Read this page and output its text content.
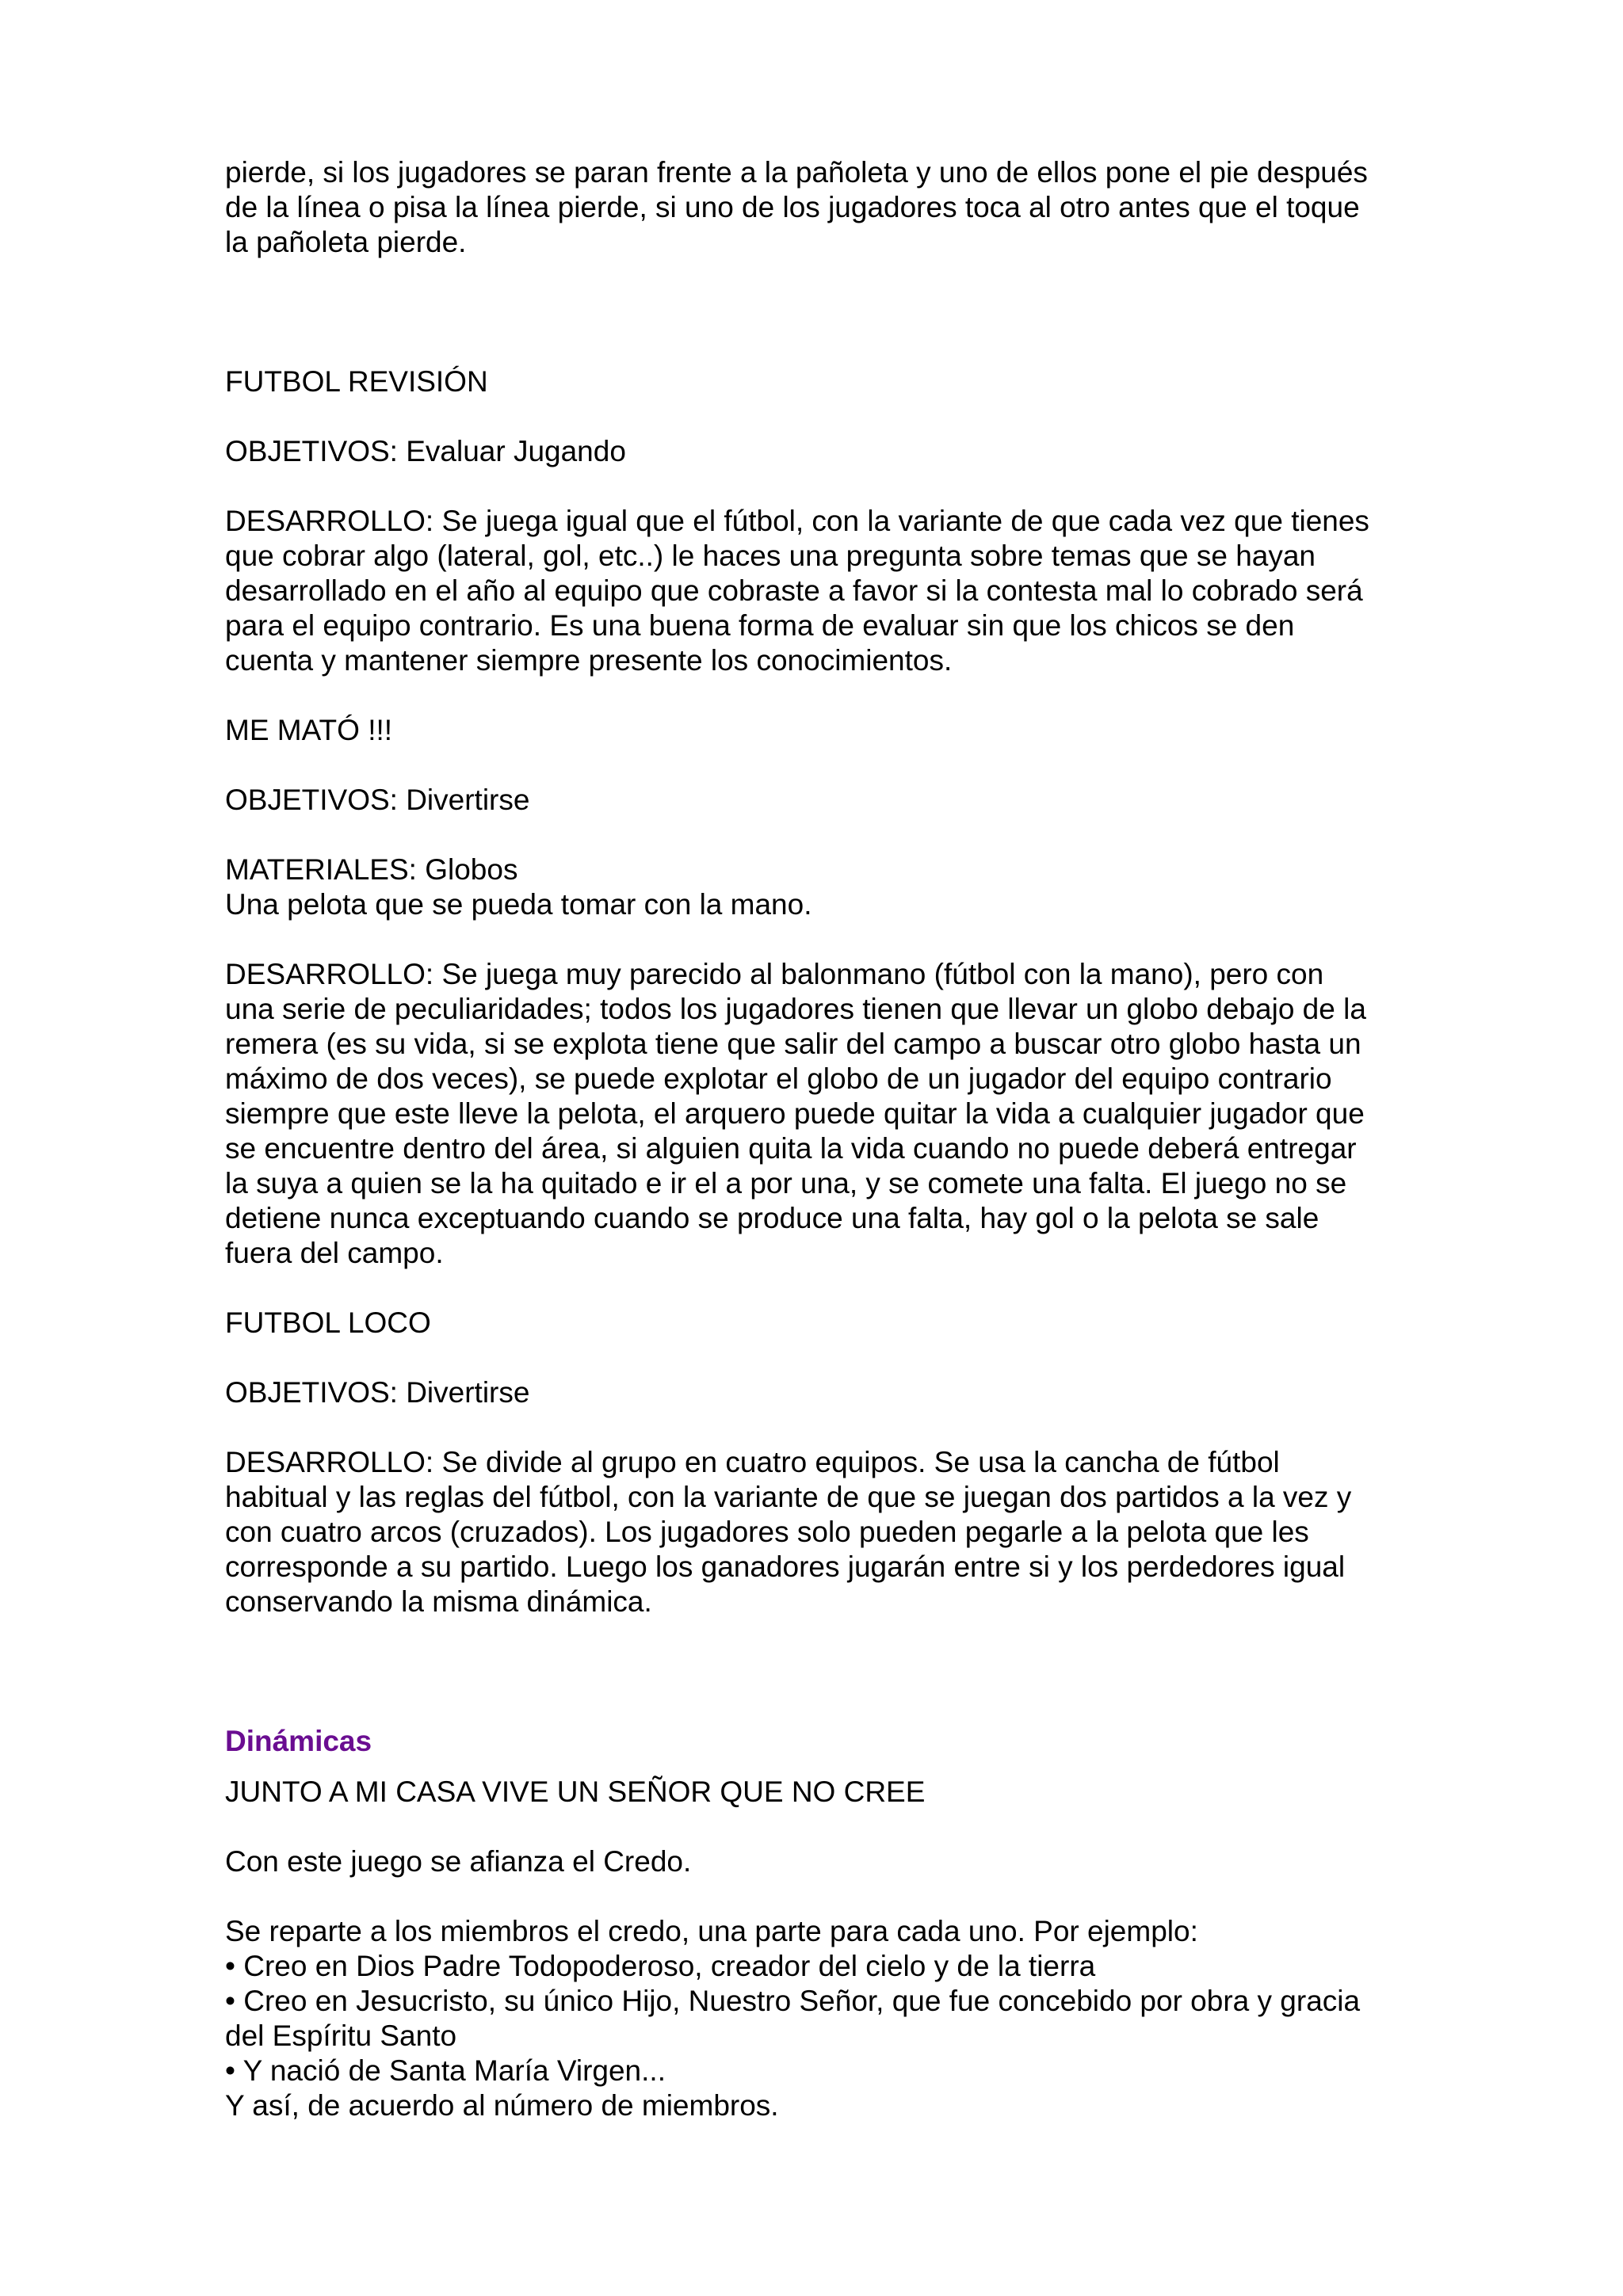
pierde, si los jugadores se paran frente a la pañoleta y uno de ellos pone el pie después
de la línea o pisa la línea pierde, si uno de los jugadores toca al otro antes que el toque
la pañoleta pierde.

FUTBOL REVISIÓN

OBJETIVOS: Evaluar Jugando

DESARROLLO: Se juega igual que el fútbol, con la variante de que cada vez que tienes
que cobrar algo (lateral, gol, etc..) le haces una pregunta sobre temas que se hayan
desarrollado en el año al equipo que cobraste a favor si la contesta mal lo cobrado será
para el equipo contrario. Es una buena forma de evaluar sin que los chicos se den
cuenta y mantener siempre presente los conocimientos.

ME MATÓ !!!

OBJETIVOS: Divertirse

MATERIALES: Globos
Una pelota que se pueda tomar con la mano.

DESARROLLO: Se juega muy parecido al balonmano (fútbol con la mano), pero con
una serie de peculiaridades; todos los jugadores tienen que llevar un globo debajo de la
remera (es su vida, si se explota tiene que salir del campo a buscar otro globo hasta un
máximo de dos veces), se puede explotar el globo de un jugador del equipo contrario
siempre que este lleve la pelota, el arquero puede quitar la vida a cualquier jugador que
se encuentre dentro del área, si alguien quita la vida cuando no puede deberá entregar
la suya a quien se la ha quitado e ir el a por una, y se comete una falta. El juego no se
detiene nunca exceptuando cuando se produce una falta, hay gol o la pelota se sale
fuera del campo.

FUTBOL LOCO

OBJETIVOS: Divertirse

DESARROLLO: Se divide al grupo en cuatro equipos. Se usa la cancha de fútbol
habitual y las reglas del fútbol, con la variante de que se juegan dos partidos a la vez y
con cuatro arcos (cruzados). Los jugadores solo pueden pegarle a la pelota que les
corresponde a su partido. Luego los ganadores jugarán entre si y los perdedores igual
conservando la misma dinámica.

Dinámicas

JUNTO A MI CASA VIVE UN SEÑOR QUE NO CREE

Con este juego se afianza el Credo.

Se reparte a los miembros el credo, una parte para cada uno. Por ejemplo:
• Creo en Dios Padre Todopoderoso, creador del cielo y de la tierra
• Creo en Jesucristo, su único Hijo, Nuestro Señor, que fue concebido por obra y gracia
del Espíritu Santo
• Y nació de Santa María Virgen...
Y así, de acuerdo al número de miembros.
